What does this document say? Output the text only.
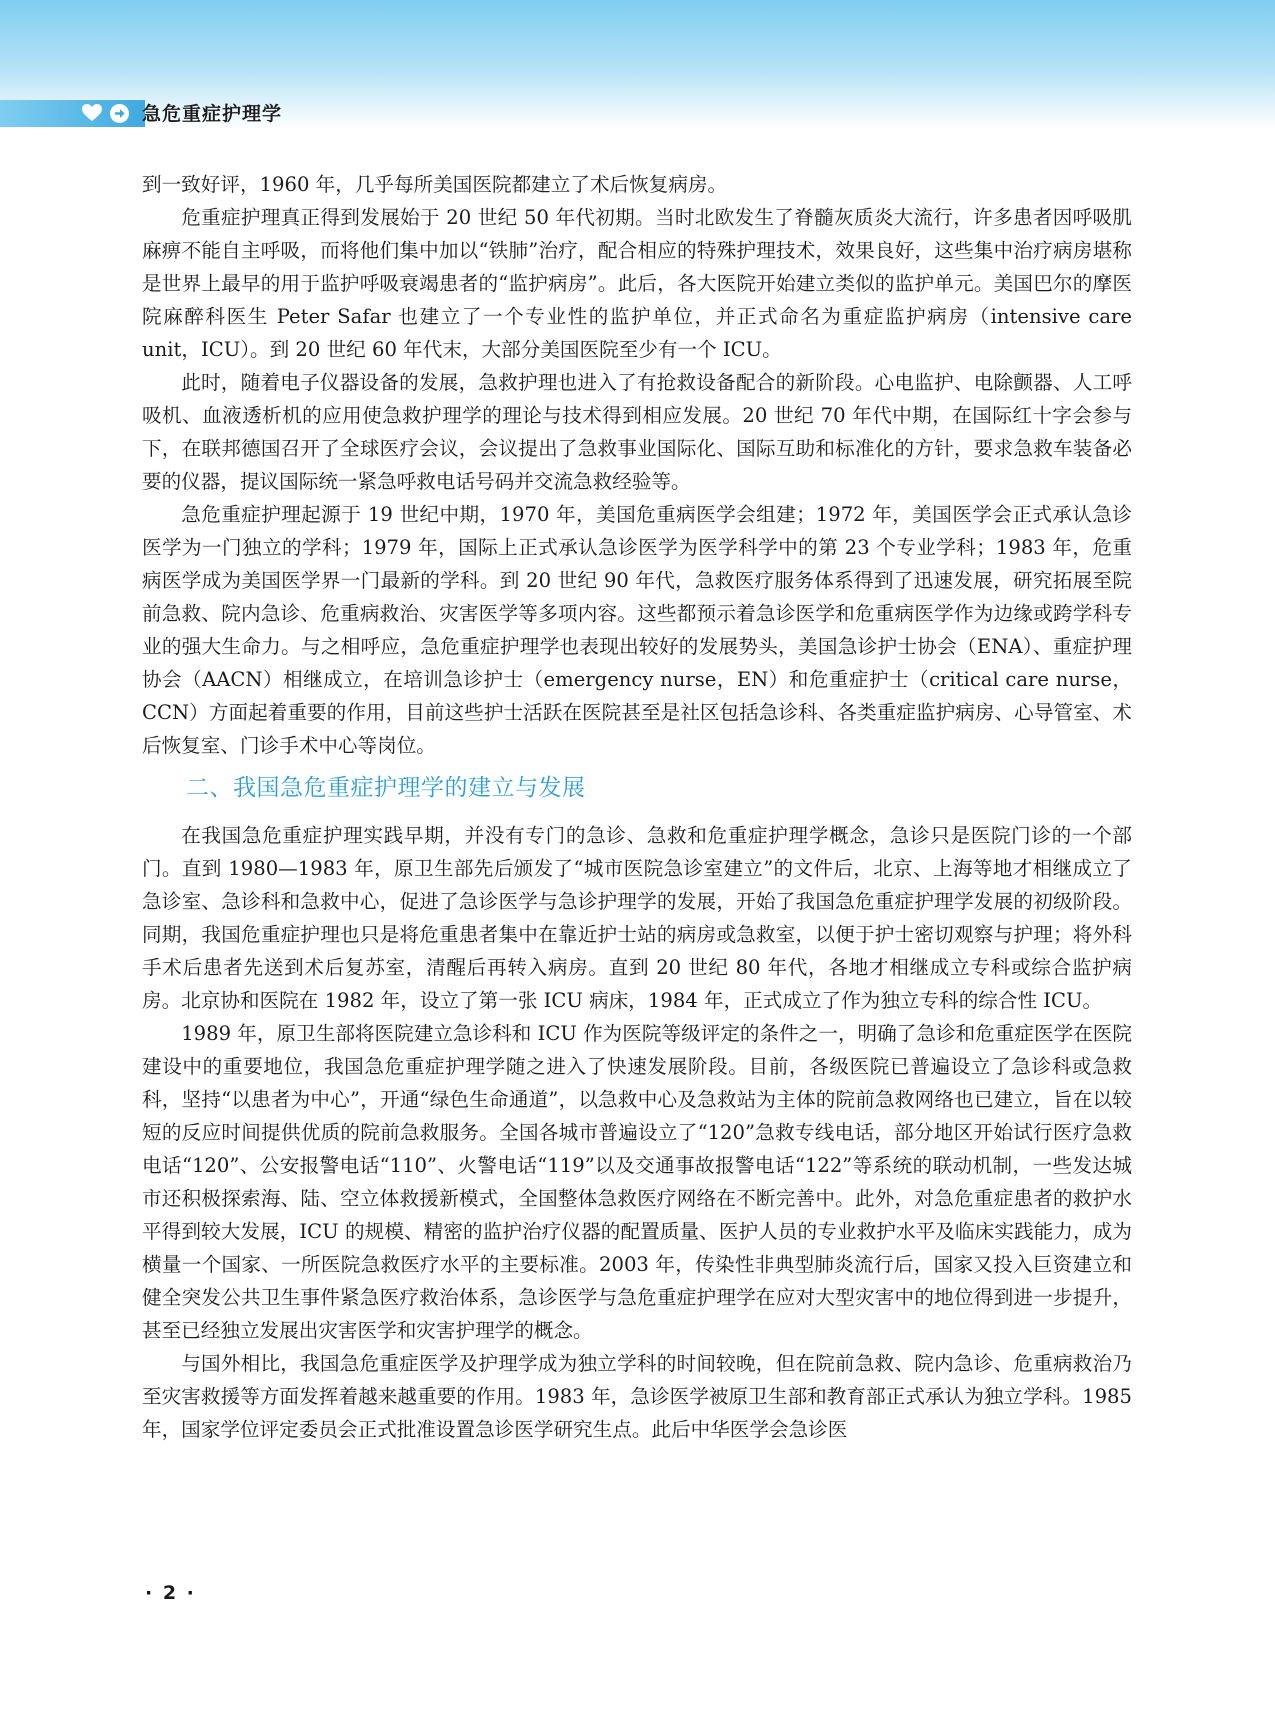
急危重症护理学

到一致好评，1960 年，几乎每所美国医院都建立了术后恢复病房。

危重症护理真正得到发展始于 20 世纪 50 年代初期。当时北欧发生了脊髓灰质炎大流行，许多患者因呼吸肌麻痹不能自主呼吸，而将他们集中加以“铁肺”治疗，配合相应的特殊护理技术，效果良好，这些集中治疗病房堪称是世界上最早的用于监护呼吸衰竭患者的“监护病房”。此后，各大医院开始建立类似的监护单元。美国巴尔的摩医院麻醉科医生 Peter Safar 也建立了一个专业性的监护单位，并正式命名为重症监护病房（intensive care unit，ICU）。到 20 世纪 60 年代末，大部分美国医院至少有一个 ICU。

此时，随着电子仪器设备的发展，急救护理也进入了有抢救设备配合的新阶段。心电监护、电除颤器、人工呼吸机、血液透析机的应用使急救护理学的理论与技术得到相应发展。20 世纪 70 年代中期，在国际红十字会参与下，在联邦德国召开了全球医疗会议，会议提出了急救事业国际化、国际互助和标准化的方针，要求急救车装备必要的仪器，提议国际统一紧急呼救电话号码并交流急救经验等。

急危重症护理起源于 19 世纪中期，1970 年，美国危重病医学会组建；1972 年，美国医学会正式承认急诊医学为一门独立的学科；1979 年，国际上正式承认急诊医学为医学科学中的第 23 个专业学科；1983 年，危重病医学成为美国医学界一门最新的学科。到 20 世纪 90 年代，急救医疗服务体系得到了迅速发展，研究拓展至院前急救、院内急诊、危重病救治、灾害医学等多项内容。这些都预示着急诊医学和危重病医学作为边缘或跨学科专业的强大生命力。与之相呼应，急危重症护理学也表现出较好的发展势头，美国急诊护士协会（ENA）、重症护理协会（AACN）相继成立，在培训急诊护士（emergency nurse，EN）和危重症护士（critical care nurse，CCN）方面起着重要的作用，目前这些护士活跃在医院甚至是社区包括急诊科、各类重症监护病房、心导管室、术后恢复室、门诊手术中心等岗位。

二、我国急危重症护理学的建立与发展

在我国急危重症护理实践早期，并没有专门的急诊、急救和危重症护理学概念，急诊只是医院门诊的一个部门。直到 1980—1983 年，原卫生部先后颁发了“城市医院急诊室建立”的文件后，北京、上海等地才相继成立了急诊室、急诊科和急救中心，促进了急诊医学与急诊护理学的发展，开始了我国急危重症护理学发展的初级阶段。同期，我国危重症护理也只是将危重患者集中在靠近护士站的病房或急救室，以便于护士密切观察与护理；将外科手术后患者先送到术后复苏室，清醒后再转入病房。直到 20 世纪 80 年代，各地才相继成立专科或综合监护病房。北京协和医院在 1982 年，设立了第一张 ICU 病床，1984 年，正式成立了作为独立专科的综合性 ICU。

1989 年，原卫生部将医院建立急诊科和 ICU 作为医院等级评定的条件之一，明确了急诊和危重症医学在医院建设中的重要地位，我国急危重症护理学随之进入了快速发展阶段。目前，各级医院已普遍设立了急诊科或急救科，坚持“以患者为中心”，开通“绿色生命通道”，以急救中心及急救站为主体的院前急救网络也已建立，旨在以较短的反应时间提供优质的院前急救服务。全国各城市普遍设立了“120”急救专线电话，部分地区开始试行医疗急救电话“120”、公安报警电话“110”、火警电话“119”以及交通事故报警电话“122”等系统的联动机制，一些发达城市还积极探索海、陆、空立体救援新模式，全国整体急救医疗网络在不断完善中。此外，对急危重症患者的救护水平得到较大发展，ICU 的规模、精密的监护治疗仪器的配置质量、医护人员的专业救护水平及临床实践能力，成为横量一个国家、一所医院急救医疗水平的主要标准。2003 年，传染性非典型肺炎流行后，国家又投入巨资建立和健全突发公共卫生事件紧急医疗救治体系，急诊医学与急危重症护理学在应对大型灾害中的地位得到进一步提升，甚至已经独立发展出灾害医学和灾害护理学的概念。

与国外相比，我国急危重症医学及护理学成为独立学科的时间较晚，但在院前急救、院内急诊、危重病救治乃至灾害救援等方面发挥着越来越重要的作用。1983 年，急诊医学被原卫生部和教育部正式承认为独立学科。1985 年，国家学位评定委员会正式批准设置急诊医学研究生点。此后中华医学会急诊医

· 2 ·
